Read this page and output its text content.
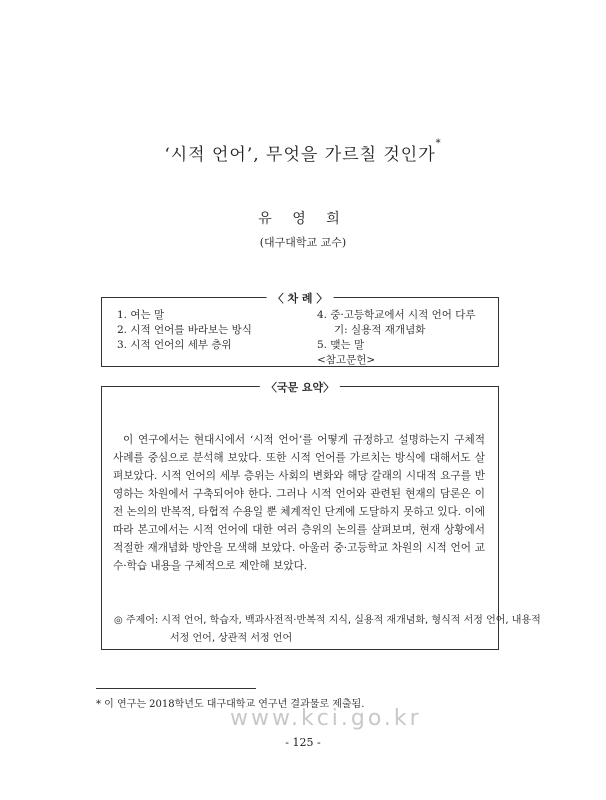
‘시적 언어’, 무엇을 가르칠 것인가*
유 영 희
(대구대학교 교수)
〈 차 례 〉
1. 여는 말
2. 시적 언어를 바라보는 방식
3. 시적 언어의 세부 층위
4. 중·고등학교에서 시적 언어 다루
기: 실용적 재개념화
5. 맺는 말
<참고문헌>
〈국문 요약〉
이 연구에서는 현대시에서 ‘시적 언어’를 어떻게 규정하고 설명하는지 구체적 사례를 중심으로 분석해 보았다. 또한 시적 언어를 가르치는 방식에 대해서도 살펴보았다. 시적 언어의 세부 층위는 사회의 변화와 해당 갈래의 시대적 요구를 반영하는 차원에서 구축되어야 한다. 그러나 시적 언어와 관련된 현재의 담론은 이전 논의의 반복적, 타협적 수용일 뿐 체계적인 단계에 도달하지 못하고 있다. 이에 따라 본고에서는 시적 언어에 대한 여러 층위의 논의를 살펴보며, 현재 상황에서 적절한 재개념화 방안을 모색해 보았다. 아울러 중·고등학교 차원의 시적 언어 교수·학습 내용을 구체적으로 제안해 보았다.
◎ 주제어: 시적 언어, 학습자, 백과사전적·반복적 지식, 실용적 재개념화, 형식적 서정 언어, 내용적 서정 언어, 상관적 서정 언어
* 이 연구는 2018학년도 대구대학교 연구년 결과물로 제출됨.
www.kci.go.kr
- 125 -
